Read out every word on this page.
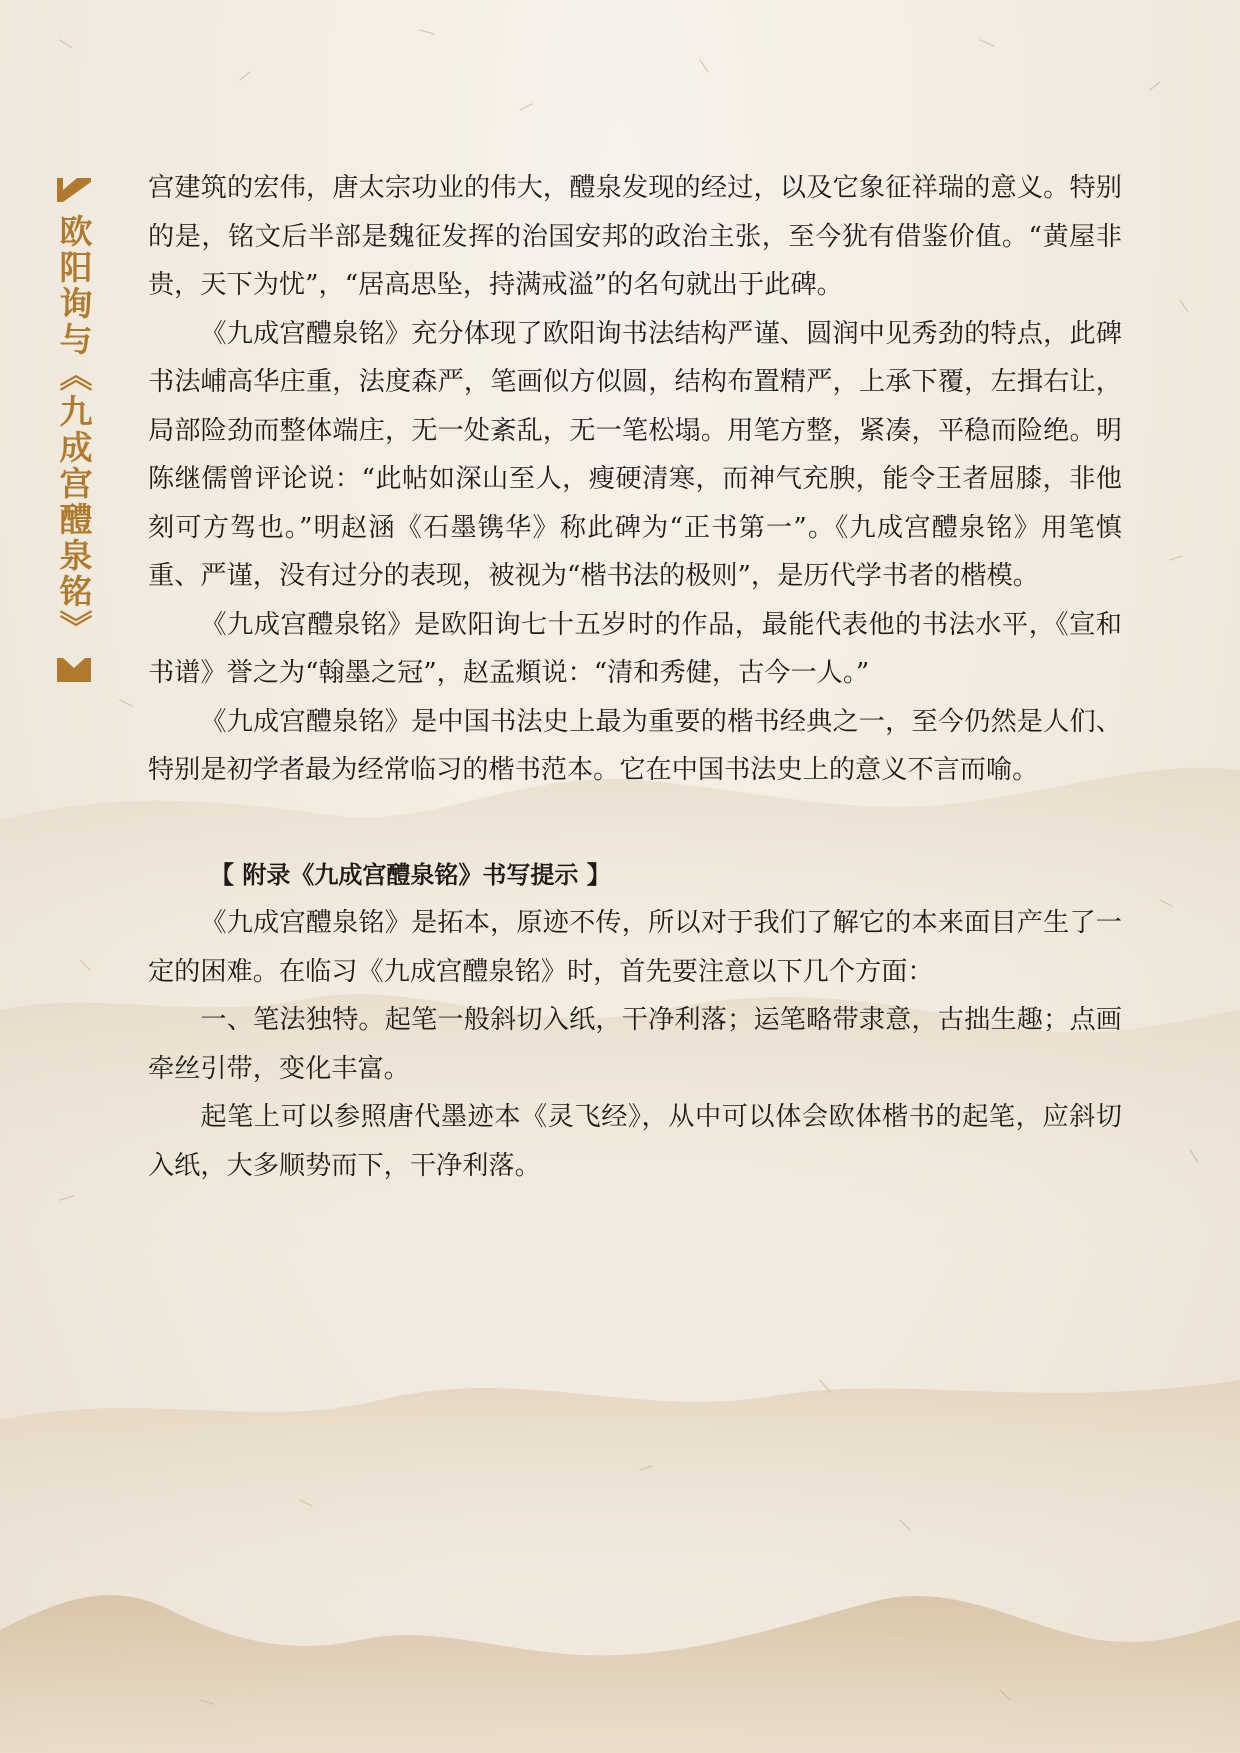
欧阳询与《九成宫醴泉铭》

宫建筑的宏伟，唐太宗功业的伟大，醴泉发现的经过，以及它象征祥瑞的意义。特别的是，铭文后半部是魏征发挥的治国安邦的政治主张，至今犹有借鉴价值。“黄屋非贵，天下为忧”，“居高思坠，持满戒溢”的名句就出于此碑。

《九成宫醴泉铭》充分体现了欧阳询书法结构严谨、圆润中见秀劲的特点，此碑书法峬高华庄重，法度森严，笔画似方似圆，结构布置精严，上承下覆，左揖右让，局部险劲而整体端庄，无一处紊乱，无一笔松塌。用笔方整，紧凑，平稳而险绝。明陈继儒曾评论说：“此帖如深山至人，瘦硬清寒，而神气充腴，能令王者屈膝，非他刻可方驾也。”明赵涵《石墨镌华》称此碑为“正书第一”。《九成宫醴泉铭》用笔慎重、严谨，没有过分的表现，被视为“楷书法的极则”，是历代学书者的楷模。

《九成宫醴泉铭》是欧阳询七十五岁时的作品，最能代表他的书法水平，《宣和书谱》誉之为“翰墨之冠”，赵孟頫说：“清和秀健，古今一人。”

《九成宫醴泉铭》是中国书法史上最为重要的楷书经典之一，至今仍然是人们、特别是初学者最为经常临习的楷书范本。它在中国书法史上的意义不言而喻。

【 附录《九成宫醴泉铭》书写提示 】

《九成宫醴泉铭》是拓本，原迹不传，所以对于我们了解它的本来面目产生了一定的困难。在临习《九成宫醴泉铭》时，首先要注意以下几个方面：

一、笔法独特。起笔一般斜切入纸，干净利落；运笔略带隶意，古拙生趣；点画牵丝引带，变化丰富。

起笔上可以参照唐代墨迹本《灵飞经》，从中可以体会欧体楷书的起笔，应斜切入纸，大多顺势而下，干净利落。
